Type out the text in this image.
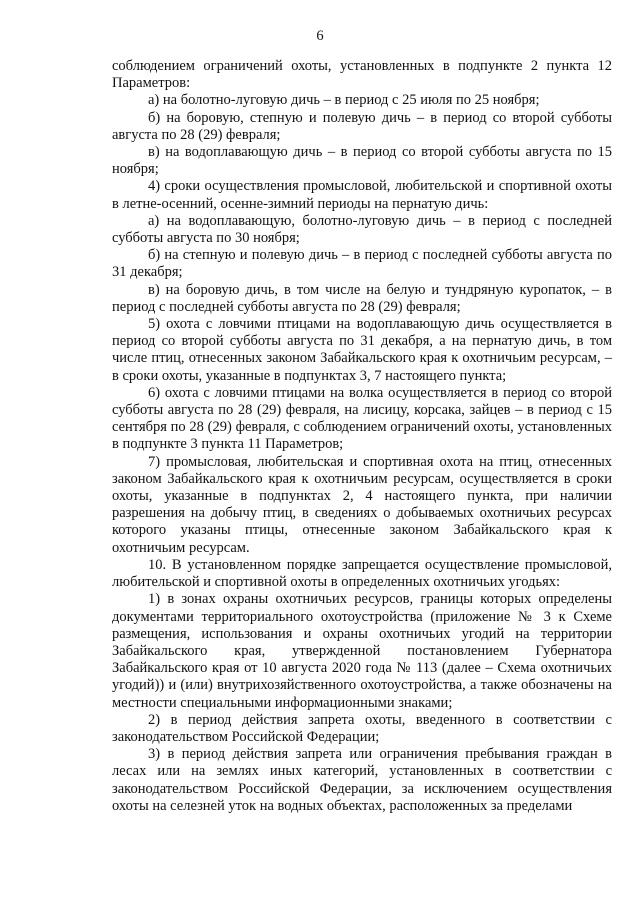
6

соблюдением ограничений охоты, установленных в подпункте 2 пункта 12 Параметров:

а) на болотно-луговую дичь – в период с 25 июля по 25 ноября;

б) на боровую, степную и полевую дичь – в период со второй субботы августа по 28 (29) февраля;

в) на водоплавающую дичь – в период со второй субботы августа по 15 ноября;

4) сроки осуществления промысловой, любительской и спортивной охоты в летне-осенний, осенне-зимний периоды на пернатую дичь:

а) на водоплавающую, болотно-луговую дичь – в период с последней субботы августа по 30 ноября;

б) на степную и полевую дичь – в период с последней субботы августа по 31 декабря;

в) на боровую дичь, в том числе на белую и тундряную куропаток, – в период с последней субботы августа по 28 (29) февраля;

5) охота с ловчими птицами на водоплавающую дичь осуществляется в период со второй субботы августа по 31 декабря, а на пернатую дичь, в том числе птиц, отнесенных законом Забайкальского края к охотничьим ресурсам, – в сроки охоты, указанные в подпунктах 3, 7 настоящего пункта;

6) охота с ловчими птицами на волка осуществляется в период со второй субботы августа по 28 (29) февраля, на лисицу, корсака, зайцев – в период с 15 сентября по 28 (29) февраля, с соблюдением ограничений охоты, установленных в подпункте 3 пункта 11 Параметров;

7) промысловая, любительская и спортивная охота на птиц, отнесенных законом Забайкальского края к охотничьим ресурсам, осуществляется в сроки охоты, указанные в подпунктах 2, 4 настоящего пункта, при наличии разрешения на добычу птиц, в сведениях о добываемых охотничьих ресурсах которого указаны птицы, отнесенные законом Забайкальского края к охотничьим ресурсам.

10. В установленном порядке запрещается осуществление промысловой, любительской и спортивной охоты в определенных охотничьих угодьях:

1) в зонах охраны охотничьих ресурсов, границы которых определены документами территориального охотоустройства (приложение № 3 к Схеме размещения, использования и охраны охотничьих угодий на территории Забайкальского края, утвержденной постановлением Губернатора Забайкальского края от 10 августа 2020 года № 113 (далее – Схема охотничьих угодий)) и (или) внутрихозяйственного охотоустройства, а также обозначены на местности специальными информационными знаками;

2) в период действия запрета охоты, введенного в соответствии с законодательством Российской Федерации;

3) в период действия запрета или ограничения пребывания граждан в лесах или на землях иных категорий, установленных в соответствии с законодательством Российской Федерации, за исключением осуществления охоты на селезней уток на водных объектах, расположенных за пределами
